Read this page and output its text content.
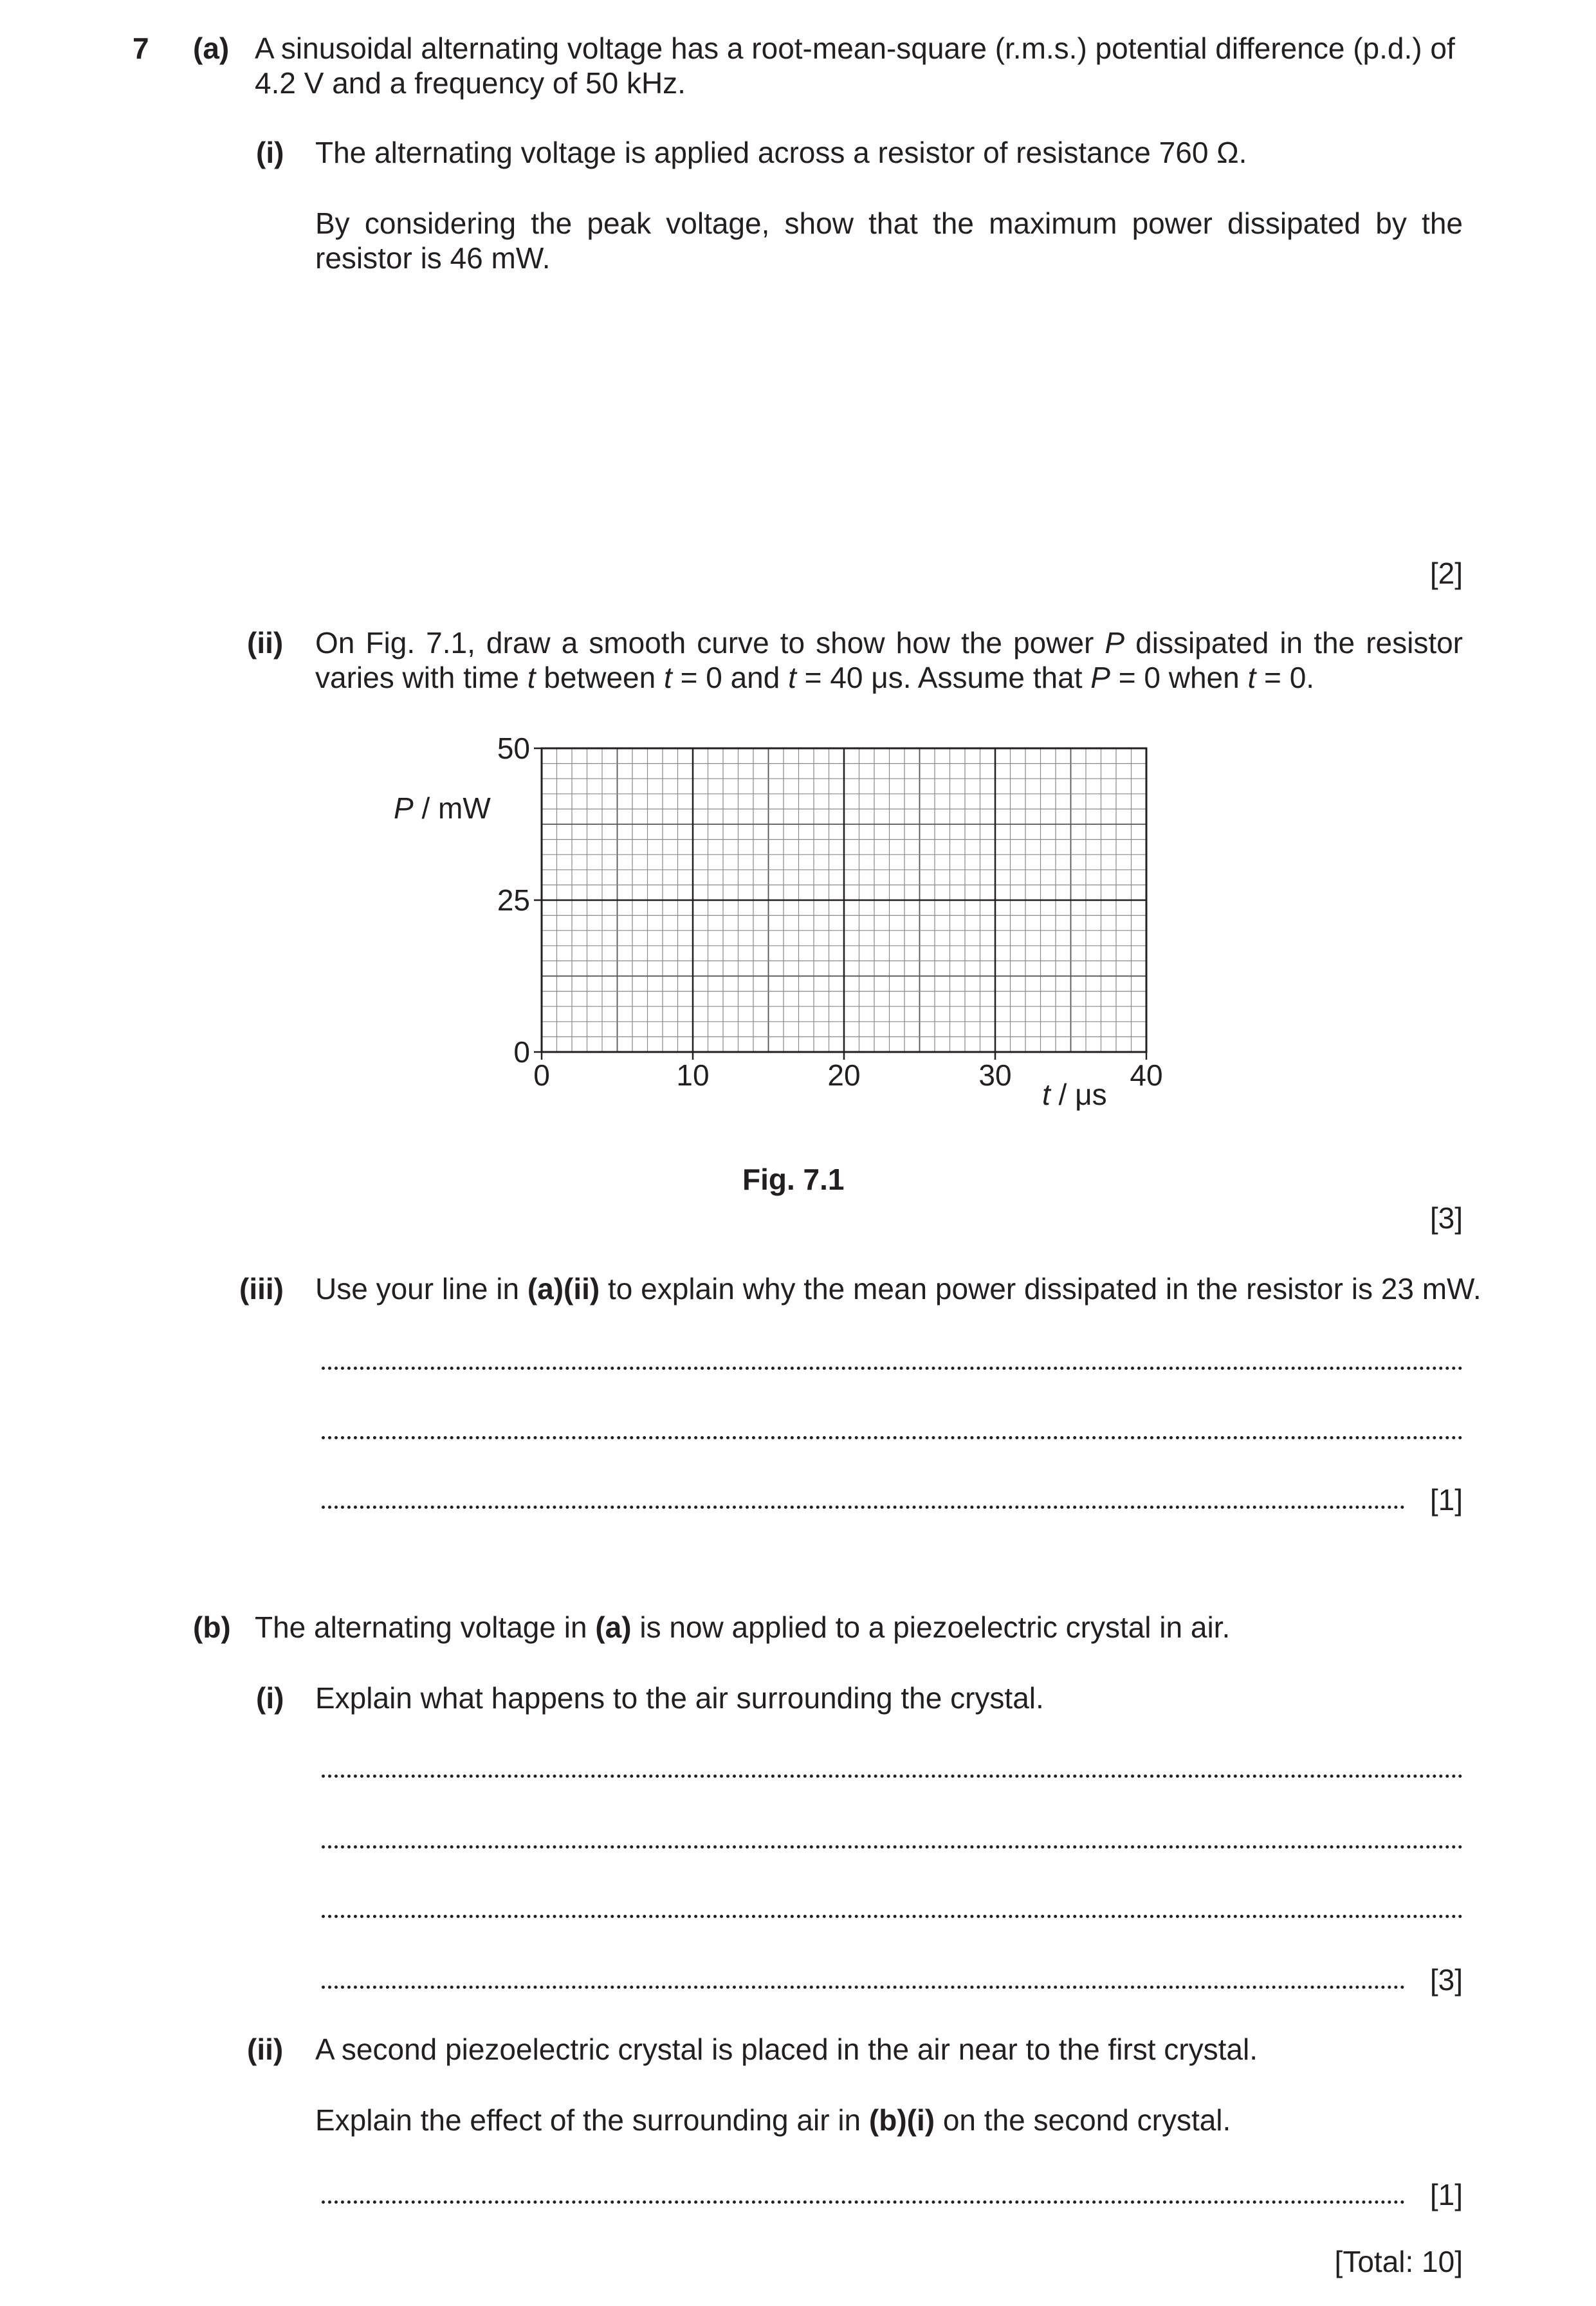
7 (a) A sinusoidal alternating voltage has a root-mean-square (r.m.s.) potential difference (p.d.) of
4.2 V and a frequency of 50 kHz.
(i) The alternating voltage is applied across a resistor of resistance 760 Ω.
By considering the peak voltage, show that the maximum power dissipated by the
resistor is 46 mW.
[2]
(ii) On Fig. 7.1, draw a smooth curve to show how the power P dissipated in the resistor
varies with time t between t = 0 and t = 40 μs. Assume that P = 0 when t = 0.
0	10	20	30	40
0
25
50
P / mW
t / μs
Fig. 7.1
[3]
(iii) Use your line in (a)(ii) to explain why the mean power dissipated in the resistor is 23 mW.
[1]
(b) The alternating voltage in (a) is now applied to a piezoelectric crystal in air.
(i) Explain what happens to the air surrounding the crystal.
[3]
(ii) A second piezoelectric crystal is placed in the air near to the first crystal.
Explain the effect of the surrounding air in (b)(i) on the second crystal.
[1]
[Total: 10]
